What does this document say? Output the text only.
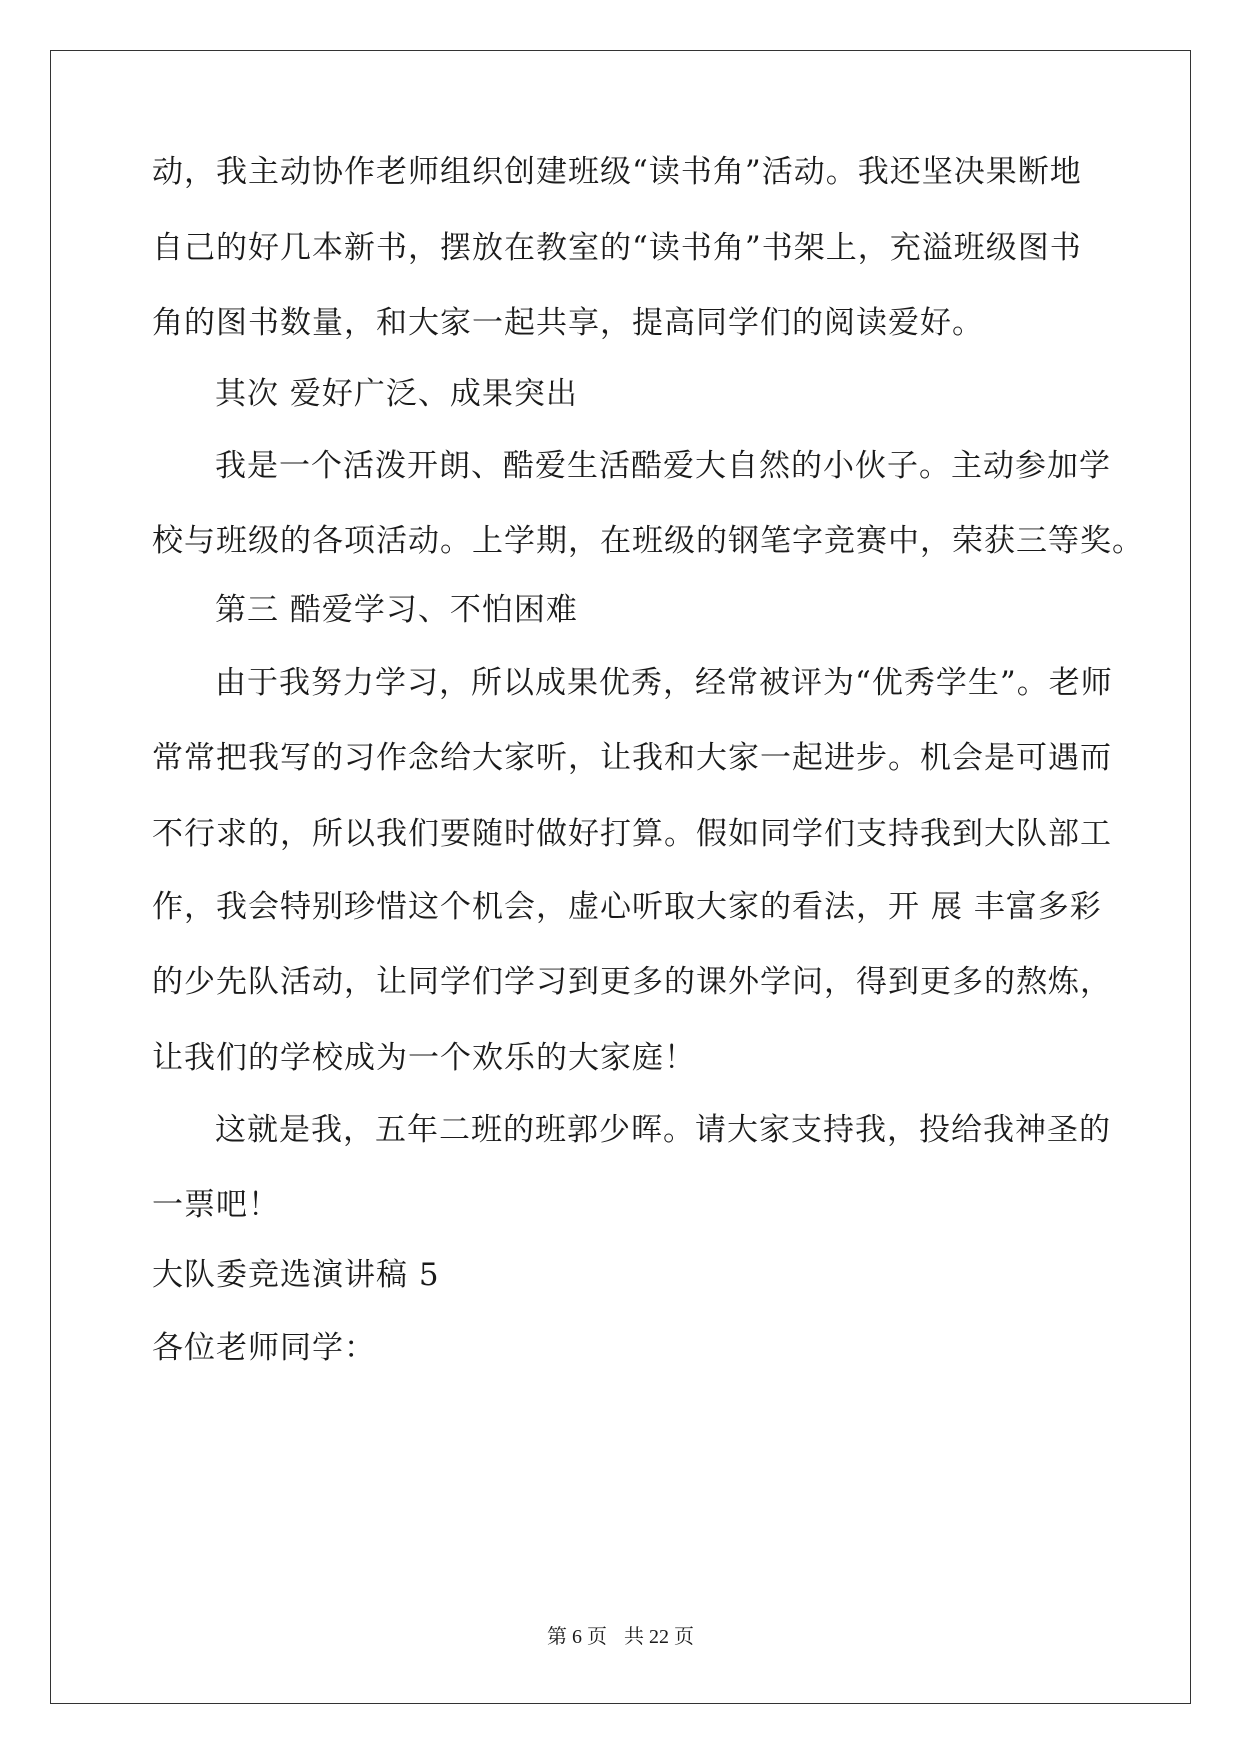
动，我主动协作老师组织创建班级“读书角”活动。我还坚决果断地
自己的好几本新书，摆放在教室的“读书角”书架上，充溢班级图书
角的图书数量，和大家一起共享，提高同学们的阅读爱好。
其次 爱好广泛、成果突出
我是一个活泼开朗、酷爱生活酷爱大自然的小伙子。主动参加学
校与班级的各项活动。上学期，在班级的钢笔字竞赛中，荣获三等奖。
第三 酷爱学习、不怕困难
由于我努力学习，所以成果优秀，经常被评为“优秀学生”。老师
常常把我写的习作念给大家听，让我和大家一起进步。机会是可遇而
不行求的，所以我们要随时做好打算。假如同学们支持我到大队部工
作，我会特别珍惜这个机会，虚心听取大家的看法，开 展 丰富多彩
的少先队活动，让同学们学习到更多的课外学问，得到更多的熬炼，
让我们的学校成为一个欢乐的大家庭！
这就是我，五年二班的班郭少晖。请大家支持我，投给我神圣的
一票吧！
大队委竞选演讲稿 5
各位老师同学：
第 6 页 共 22 页
